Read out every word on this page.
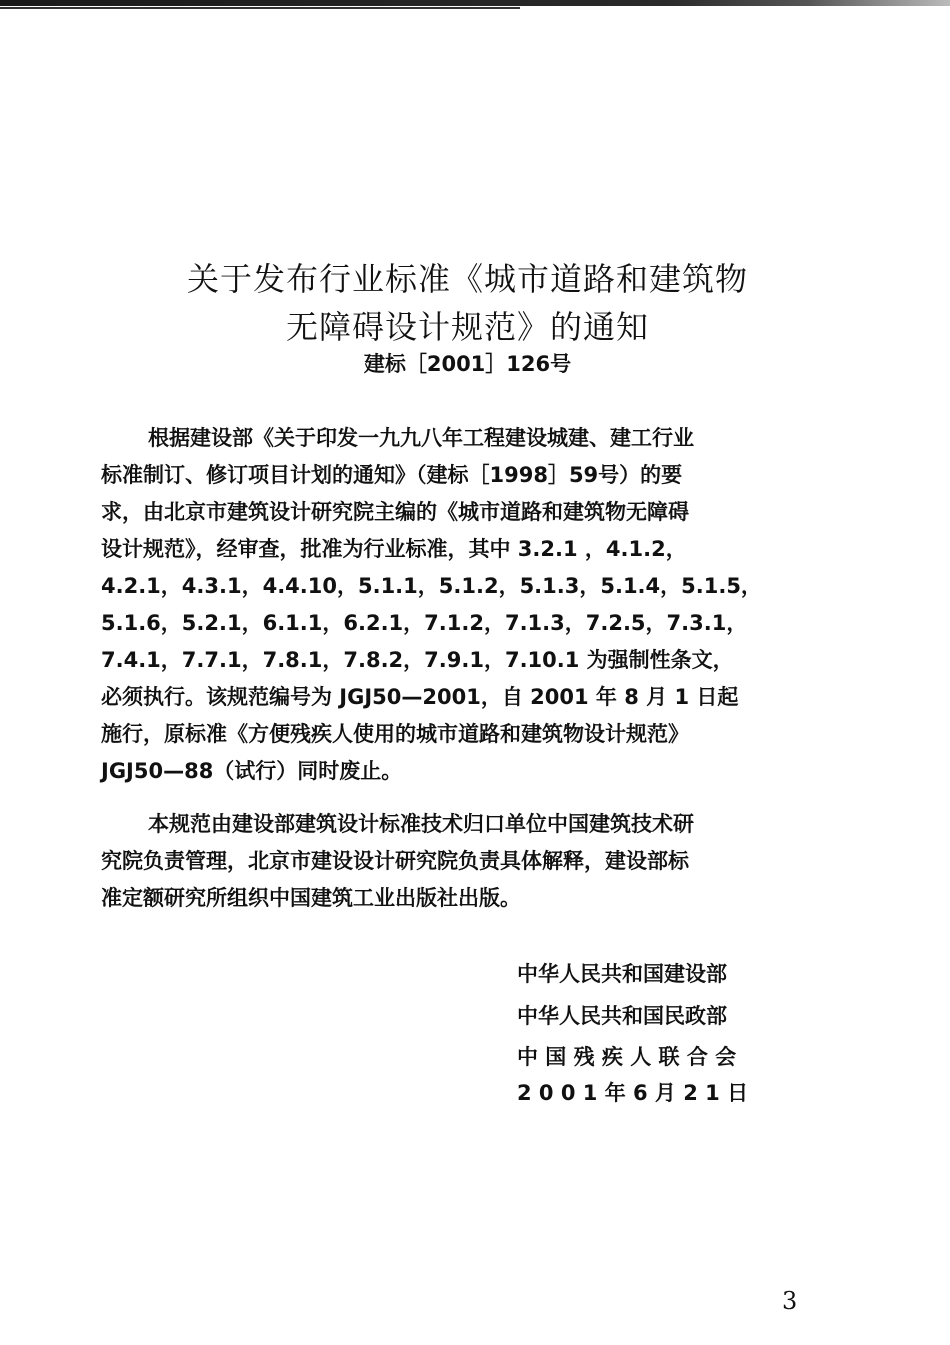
关于发布行业标准《城市道路和建筑物
无障碍设计规范》的通知
建标［2001］126号
根据建设部《关于印发一九九八年工程建设城建、建工行业
标准制订、修订项目计划的通知》（建标［1998］59号）的要
求，由北京市建筑设计研究院主编的《城市道路和建筑物无障碍
设计规范》，经审查，批准为行业标准，其中 3.2.1 ，4.1.2，
4.2.1，4.3.1，4.4.10，5.1.1，5.1.2，5.1.3，5.1.4，5.1.5，
5.1.6，5.2.1，6.1.1，6.2.1，7.1.2，7.1.3，7.2.5，7.3.1，
7.4.1，7.7.1，7.8.1，7.8.2，7.9.1，7.10.1 为强制性条文，
必须执行。该规范编号为 JGJ50—2001，自 2001 年 8 月 1 日起
施行，原标准《方便残疾人使用的城市道路和建筑物设计规范》
JGJ50—88（试行）同时废止。
本规范由建设部建筑设计标准技术归口单位中国建筑技术研
究院负责管理，北京市建设设计研究院负责具体解释，建设部标
准定额研究所组织中国建筑工业出版社出版。
中华人民共和国建设部
中华人民共和国民政部
中 国 残 疾 人 联 合 会
2 0 0 1 年 6 月 2 1 日
3
